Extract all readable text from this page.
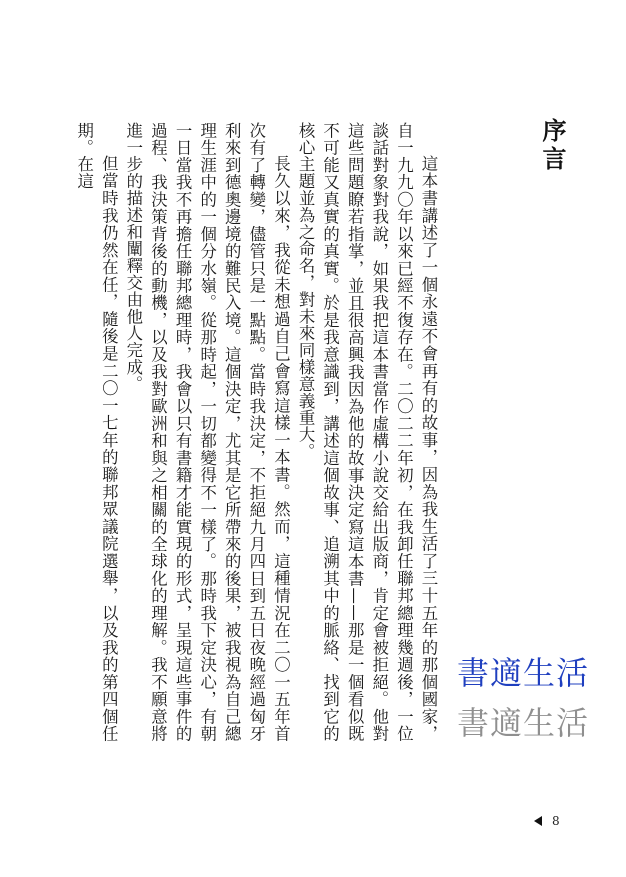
序言

這本書講述了一個永遠不會再有的故事，因為我生活了三十五年的那個國家，自一九九〇年以來已經不復存在。二〇二二年初，在我卸任聯邦總理幾週後，一位談話對象對我說，如果我把這本書當作虛構小說交給出版商，肯定會被拒絕。他對這些問題瞭若指掌，並且很高興我因為他的故事決定寫這本書——那是一個看似既不可能又真實的真實。於是我意識到，講述這個故事、追溯其中的脈絡、找到它的核心主題並為之命名，對未來同樣意義重大。

長久以來，我從未想過自己會寫這樣一本書。然而，這種情況在二〇一五年首次有了轉變，儘管只是一點點。當時我決定，不拒絕九月四日到五日夜晚經過匈牙利來到德奧邊境的難民入境。這個決定，尤其是它所帶來的後果，被我視為自己總理生涯中的一個分水嶺。從那時起，一切都變得不一樣了。那時我下定決心，有朝一日當我不再擔任聯邦總理時，我會以只有書籍才能實現的形式，呈現這些事件的過程、我決策背後的動機，以及我對歐洲和與之相關的全球化的理解。我不願意將進一步的描述和闡釋交由他人完成。

但當時我仍然在任，隨後是二〇一七年的聯邦眾議院選舉，以及我的第四個任期。在這

書適生活
書適生活
8
